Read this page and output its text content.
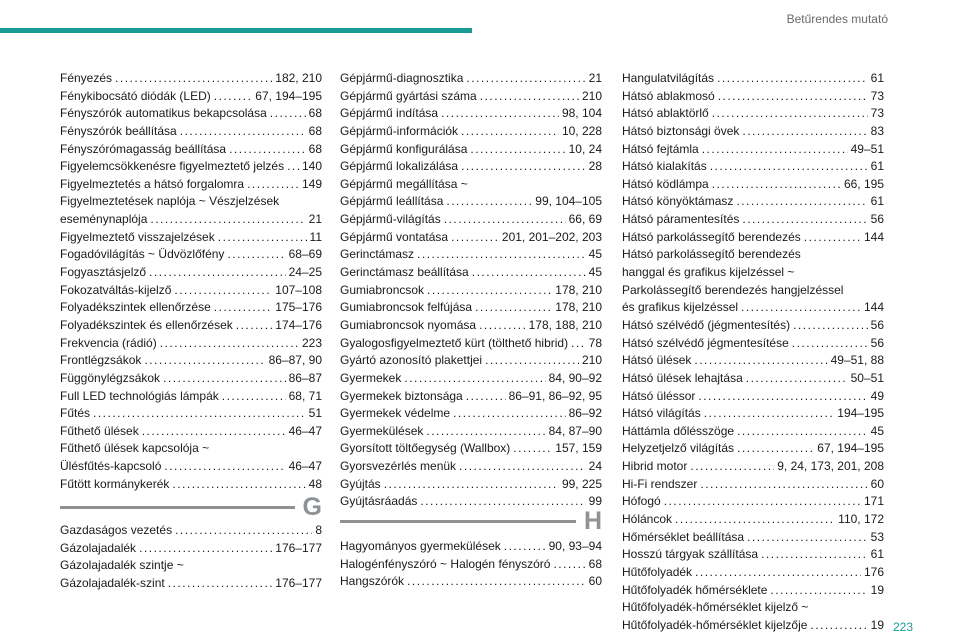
Betűrendes mutató
Fényezés .....	182, 210
Fénykibocsátó diódák (LED) .....	67, 194–195
Fényszórók automatikus bekapcsolása .....	68
Fényszórók beállítása .....	68
Fényszórómagasság beállítása .....	68
Figyelemcsökkenésre figyelmeztető jelzés ..... 140
Figyelmeztetés a hátsó forgalomra .....	149
Figyelmeztetések naplója ~ Vészjelzések
eseménynaplója .....	21
Figyelmeztető visszajelzések .....	11
Fogadóvilágítás ~ Üdvözlőfény .....	68–69
Fogyasztásjelző .....	24–25
Fokozatváltás-kijelző .....	107–108
Folyadékszintek ellenőrzése .....	175–176
Folyadékszintek és ellenőrzések .....	174–176
Frekvencia (rádió) .....	223
Frontlégzsákok .....	86–87, 90
Függönylégzsákok .....	86–87
Full LED technológiás lámpák .....	68, 71
Fűtés .....	51
Fűthető ülések .....	46–47
Fűthető ülések kapcsolója ~
Ülésfűtés-kapcsoló .....	46–47
Fűtött kormánykerék .....	48
G
Gazdaságos vezetés .....	8
Gázolajadalék .....	176–177
Gázolajadalék szintje ~
Gázolajadalék-szint .....	176–177
Gépjármű-diagnosztika .....	21
Gépjármű gyártási száma .....	210
Gépjármű indítása .....	98, 104
Gépjármű-információk .....	10, 228
Gépjármű konfigurálása .....	10, 24
Gépjármű lokalizálása .....	28
Gépjármű megállítása ~
Gépjármű leállítása .....	99, 104–105
Gépjármű-világítás .....	66, 69
Gépjármű vontatása .....	201, 201–202, 203
Gerinctámasz .....	45
Gerinctámasz beállítása .....	45
Gumiabroncsok .....	178, 210
Gumiabroncsok felfújása .....	178, 210
Gumiabroncsok nyomása .....	178, 188, 210
Gyalogosfigyelmeztető kürt (tölthető hibrid) ..... 78
Gyártó azonosító plakettjei .....	210
Gyermekek .....	84, 90–92
Gyermekek biztonsága .....	86–91, 86–92, 95
Gyermekek védelme .....	86–92
Gyermekülések .....	84, 87–90
Gyorsított töltőegység (Wallbox) .....	157, 159
Gyorsvezérlés menük .....	24
Gyújtás .....	99, 225
Gyújtásráadás .....	99
H
Hagyományos gyermekülések .....	90, 93–94
Halogénfényszóró ~ Halogén fényszóró .....	68
Hangszórók .....	60
Hangulatvilágítás .....	61
Hátsó ablakmosó .....	73
Hátsó ablaktörlő .....	73
Hátsó biztonsági övek .....	83
Hátsó fejtámla .....	49–51
Hátsó kialakítás .....	61
Hátsó ködlámpa .....	66, 195
Hátsó könyöktámasz .....	61
Hátsó páramentesítés .....	56
Hátsó parkolássegítő berendezés .....	144
Hátsó parkolássegítő berendezés
hanggal és grafikus kijelzéssel ~
Parkolássegítő berendezés hangjelzéssel
és grafikus kijelzéssel .....	144
Hátsó szélvédő (jégmentesítés) .....	56
Hátsó szélvédő jégmentesítése .....	56
Hátsó ülések .....	49–51, 88
Hátsó ülések lehajtása .....	50–51
Hátsó üléssor .....	49
Hátsó világítás .....	194–195
Háttámla dőlésszöge .....	45
Helyzetjelző világítás .....	67, 194–195
Hibrid motor .....	9, 24, 173, 201, 208
Hi-Fi rendszer .....	60
Hófogó .....	171
Hóláncok .....	110, 172
Hőmérséklet beállítása .....	53
Hosszú tárgyak szállítása .....	61
Hűtőfolyadék .....	176
Hűtőfolyadék hőmérséklete .....	19
Hűtőfolyadék-hőmérséklet kijelző ~
Hűtőfolyadék-hőmérséklet kijelzője .....	19 223
